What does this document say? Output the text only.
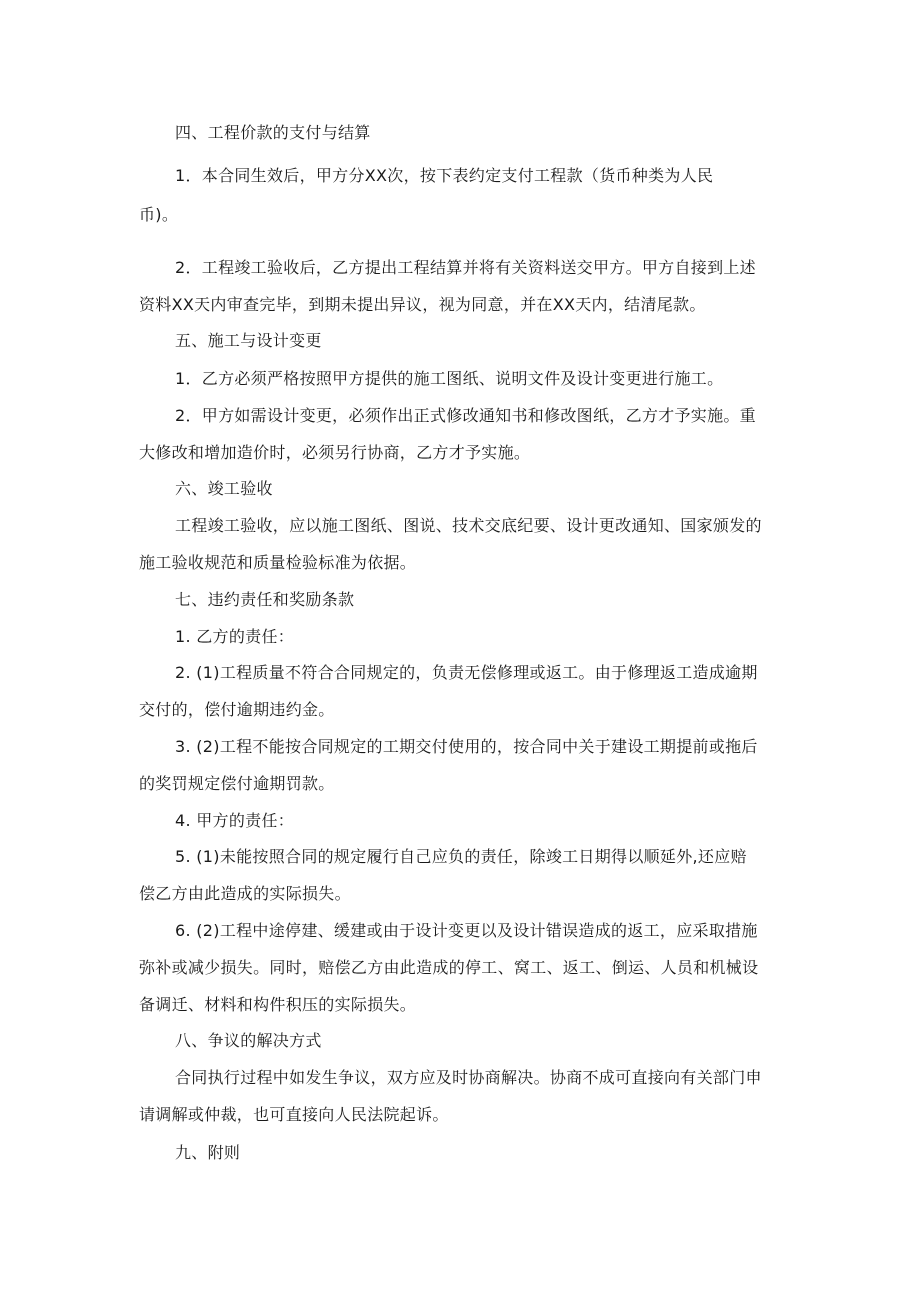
四、工程价款的支付与结算
1．本合同生效后，甲方分XX次，按下表约定支付工程款（货币种类为人民
币)。
2．工程竣工验收后，乙方提出工程结算并将有关资料送交甲方。甲方自接到上述
资料XX天内审查完毕，到期未提出异议，视为同意，并在XX天内，结清尾款。
五、施工与设计变更
1．乙方必须严格按照甲方提供的施工图纸、说明文件及设计变更进行施工。
2．甲方如需设计变更，必须作出正式修改通知书和修改图纸，乙方才予实施。重
大修改和增加造价时，必须另行协商，乙方才予实施。
六、竣工验收
工程竣工验收，应以施工图纸、图说、技术交底纪要、设计更改通知、国家颁发的
施工验收规范和质量检验标准为依据。
七、违约责任和奖励条款
1. 乙方的责任：
2. (1)工程质量不符合合同规定的，负责无偿修理或返工。由于修理返工造成逾期
交付的，偿付逾期违约金。
3. (2)工程不能按合同规定的工期交付使用的，按合同中关于建设工期提前或拖后
的奖罚规定偿付逾期罚款。
4. 甲方的责任：
5. (1)未能按照合同的规定履行自己应负的责任，除竣工日期得以顺延外,还应赔
偿乙方由此造成的实际损失。
6. (2)工程中途停建、缓建或由于设计变更以及设计错误造成的返工，应采取措施
弥补或减少损失。同时，赔偿乙方由此造成的停工、窝工、返工、倒运、人员和机械设
备调迁、材料和构件积压的实际损失。
八、争议的解决方式
合同执行过程中如发生争议，双方应及时协商解决。协商不成可直接向有关部门申
请调解或仲裁，也可直接向人民法院起诉。
九、附则
